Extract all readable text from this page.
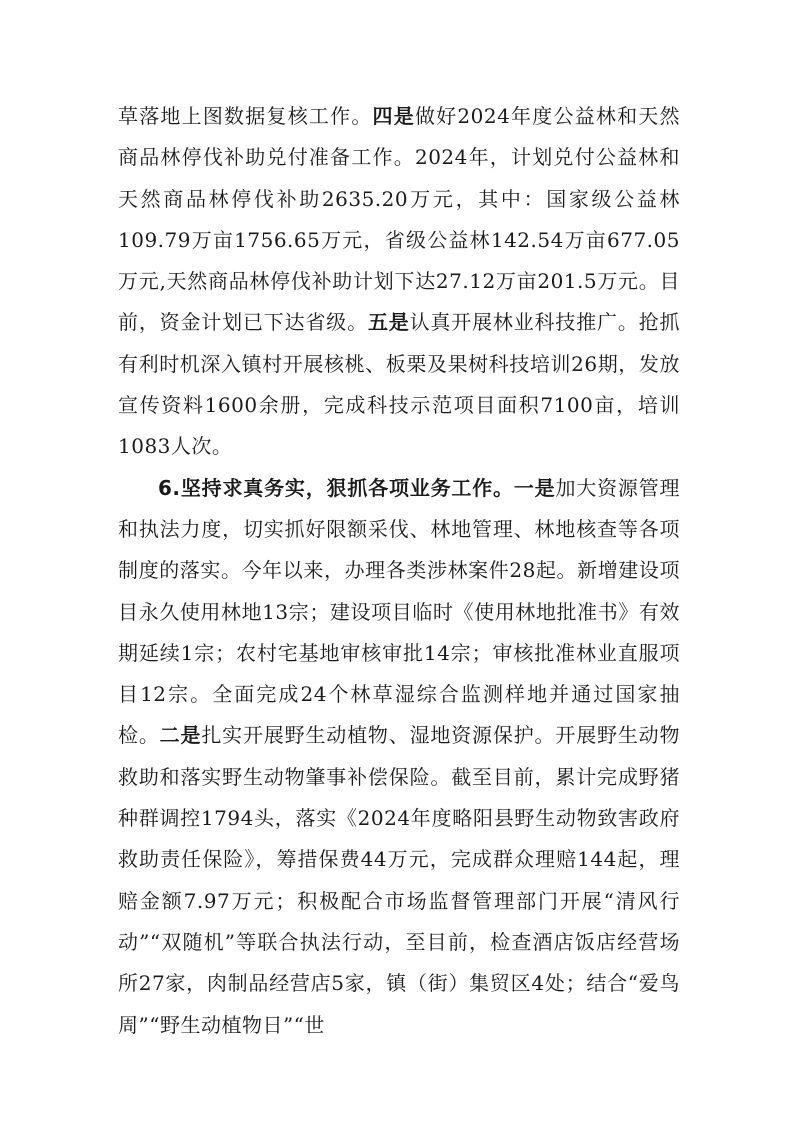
草落地上图数据复核工作。四是做好2024年度公益林和天然商品林停伐补助兑付准备工作。2024年，计划兑付公益林和天然商品林停伐补助2635.20万元，其中：国家级公益林109.79万亩1756.65万元，省级公益林142.54万亩677.05万元,天然商品林停伐补助计划下达27.12万亩201.5万元。目前，资金计划已下达省级。五是认真开展林业科技推广。抢抓有利时机深入镇村开展核桃、板栗及果树科技培训26期，发放宣传资料1600余册，完成科技示范项目面积7100亩，培训1083人次。

6.坚持求真务实，狠抓各项业务工作。一是加大资源管理和执法力度，切实抓好限额采伐、林地管理、林地核查等各项制度的落实。今年以来，办理各类涉林案件28起。新增建设项目永久使用林地13宗；建设项目临时《使用林地批准书》有效期延续1宗；农村宅基地审核审批14宗；审核批准林业直服项目12宗。全面完成24个林草湿综合监测样地并通过国家抽检。二是扎实开展野生动植物、湿地资源保护。开展野生动物救助和落实野生动物肇事补偿保险。截至目前，累计完成野猪种群调控1794头，落实《2024年度略阳县野生动物致害政府救助责任保险》，筹措保费44万元，完成群众理赔144起，理赔金额7.97万元；积极配合市场监督管理部门开展“清风行动”“双随机”等联合执法行动，至目前，检查酒店饭店经营场所27家，肉制品经营店5家，镇（街）集贸区4处；结合“爱鸟周”“野生动植物日”“世
